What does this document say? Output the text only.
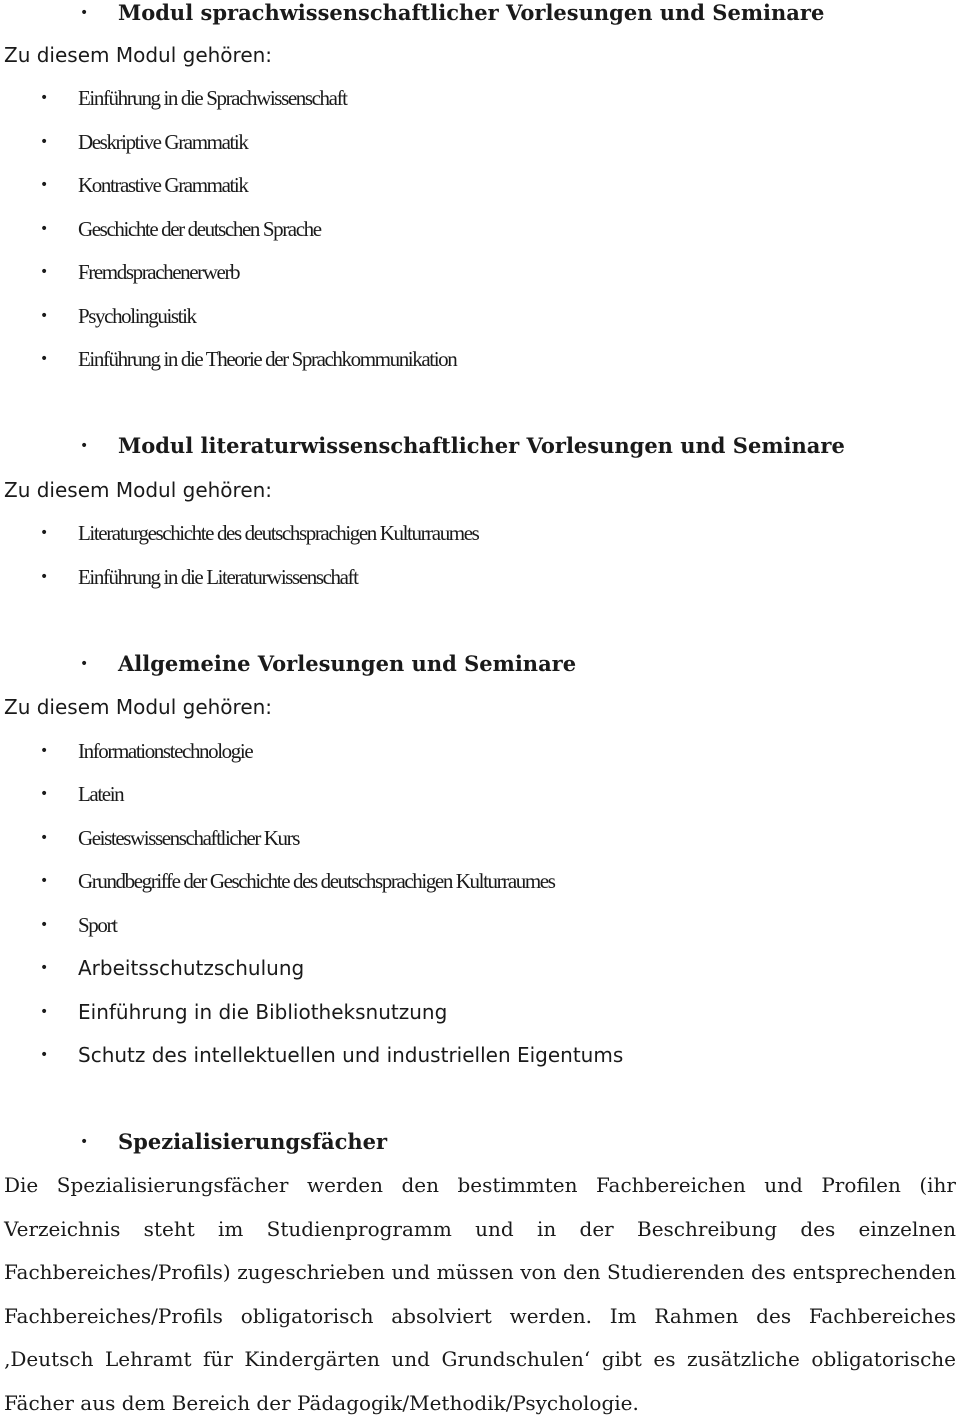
• Modul sprachwissenschaftlicher Vorlesungen und Seminare
Zu diesem Modul gehören:
• Einführung in die Sprachwissenschaft
• Deskriptive Grammatik
• Kontrastive Grammatik
• Geschichte der deutschen Sprache
• Fremdsprachenerwerb
• Psycholinguistik
• Einführung in die Theorie der Sprachkommunikation
• Modul literaturwissenschaftlicher Vorlesungen und Seminare
Zu diesem Modul gehören:
• Literaturgeschichte des deutschsprachigen Kulturraumes
• Einführung in die Literaturwissenschaft
• Allgemeine Vorlesungen und Seminare
Zu diesem Modul gehören:
• Informationstechnologie
• Latein
• Geisteswissenschaftlicher Kurs
• Grundbegriffe der Geschichte des deutschsprachigen Kulturraumes
• Sport
• Arbeitsschutzschulung
• Einführung in die Bibliotheksnutzung
• Schutz des intellektuellen und industriellen Eigentums
• Spezialisierungsfächer
Die Spezialisierungsfächer werden den bestimmten Fachbereichen und Profilen (ihr Verzeichnis steht im Studienprogramm und in der Beschreibung des einzelnen Fachbereiches/Profils) zugeschrieben und müssen von den Studierenden des entsprechenden Fachbereiches/Profils obligatorisch absolviert werden. Im Rahmen des Fachbereiches ‚Deutsch Lehramt für Kindergärten und Grundschulen‘ gibt es zusätzliche obligatorische Fächer aus dem Bereich der Pädagogik/Methodik/Psychologie.
